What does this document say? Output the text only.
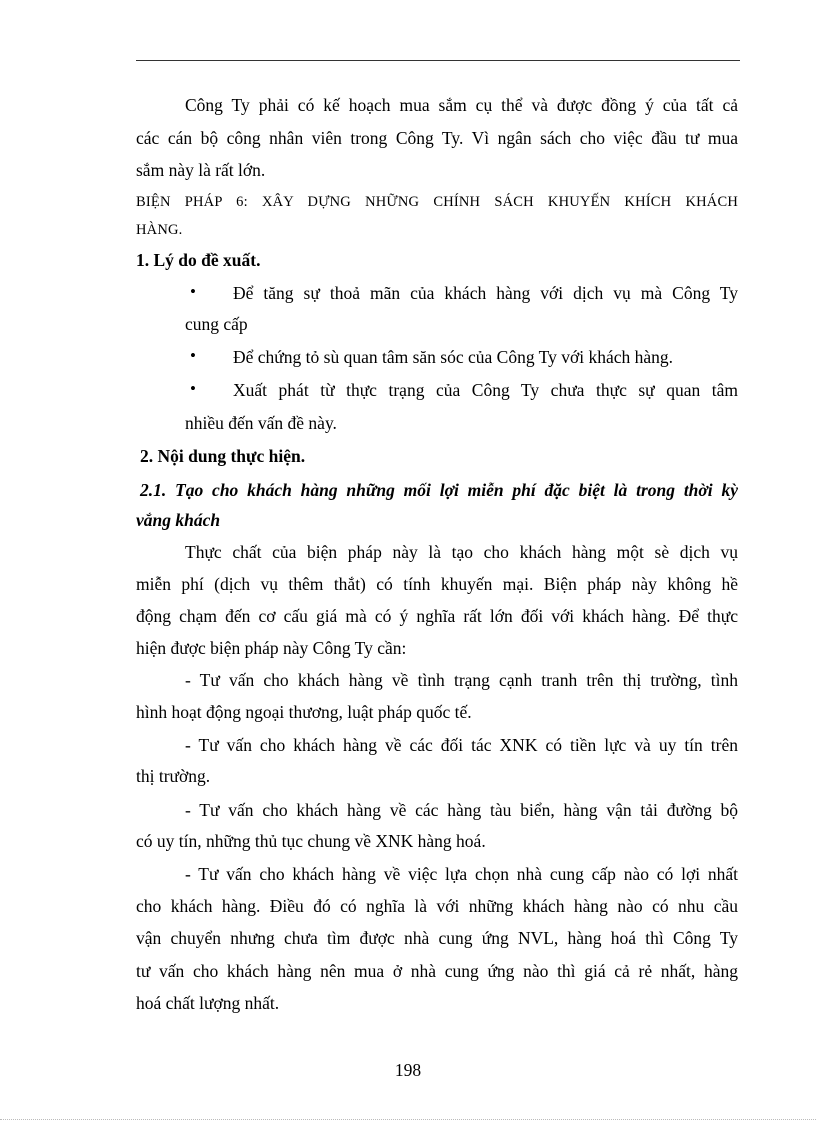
Công Ty phải có kế hoạch mua sắm cụ thể và được đồng ý của tất cả
các cán bộ công nhân viên trong Công Ty. Vì ngân sách cho việc đầu tư mua
sắm này là rất lớn.
BIỆN PHÁP 6: XÂY DỰNG NHỮNG CHÍNH SÁCH KHUYẾN KHÍCH KHÁCH
HÀNG.
1. Lý do đề xuất.
• Để tăng sự thoả mãn của khách hàng với dịch vụ mà Công Ty
cung cấp
• Để chứng tỏ sù quan tâm săn sóc của Công Ty với khách hàng.
• Xuất phát từ thực trạng của Công Ty chưa thực sự quan tâm
nhiều đến vấn đề này.
2. Nội dung thực hiện.
2.1. Tạo cho khách hàng những mối lợi miễn phí đặc biệt là trong thời kỳ
vắng khách
Thực chất của biện pháp này là tạo cho khách hàng một sè dịch vụ
miễn phí (dịch vụ thêm thắt) có tính khuyến mại. Biện pháp này không hề
động chạm đến cơ cấu giá mà có ý nghĩa rất lớn đối với khách hàng. Để thực
hiện được biện pháp này Công Ty cần:
- Tư vấn cho khách hàng về tình trạng cạnh tranh trên thị trường, tình
hình hoạt động ngoại thương, luật pháp quốc tế.
- Tư vấn cho khách hàng về các đối tác XNK có tiền lực và uy tín trên
thị trường.
- Tư vấn cho khách hàng về các hàng tàu biển, hàng vận tải đường bộ
có uy tín, những thủ tục chung về XNK hàng hoá.
- Tư vấn cho khách hàng về việc lựa chọn nhà cung cấp nào có lợi nhất
cho khách hàng. Điều đó có nghĩa là với những khách hàng nào có nhu cầu
vận chuyển nhưng chưa tìm được nhà cung ứng NVL, hàng hoá thì Công Ty
tư vấn cho khách hàng nên mua ở nhà cung ứng nào thì giá cả rẻ nhất, hàng
hoá chất lượng nhất.
198
